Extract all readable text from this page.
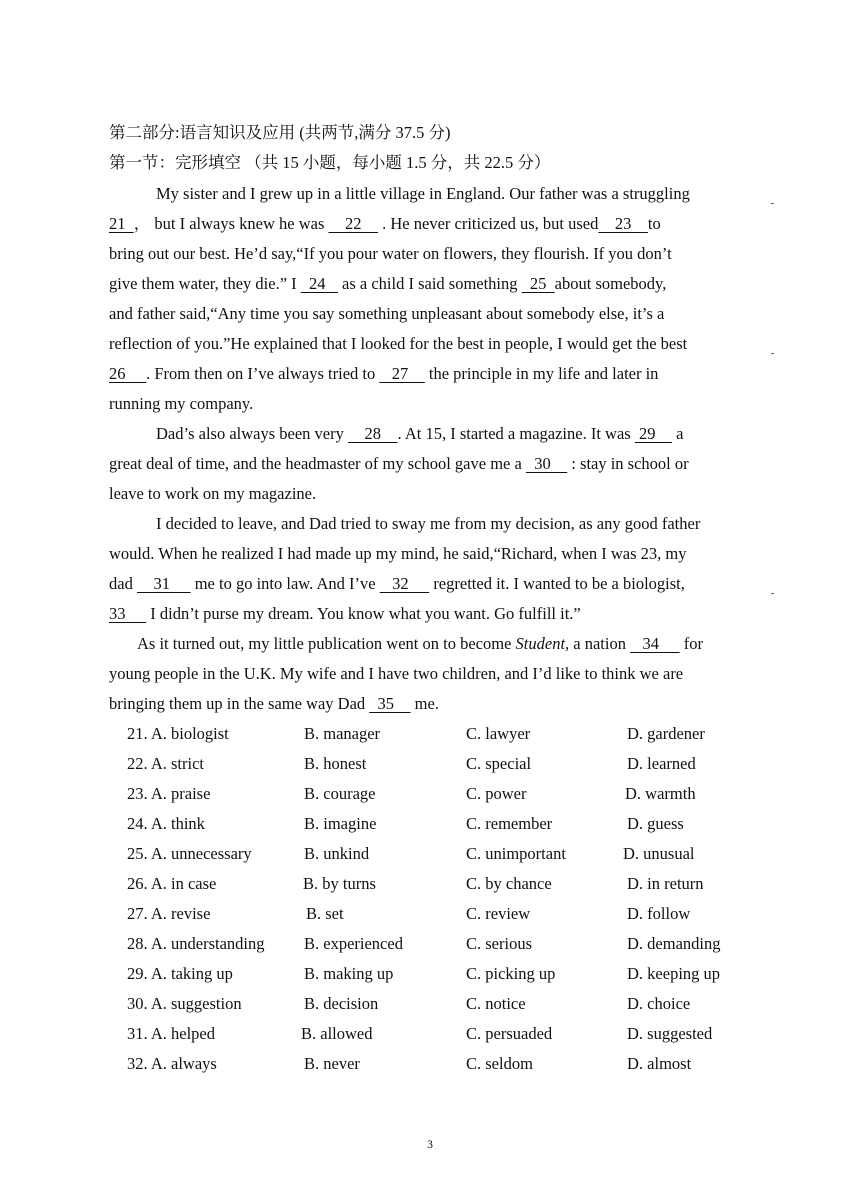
第二部分:语言知识及应用 (共两节,满分 37.5 分)
第一节：完形填空 （共 15 小题，每小题 1.5 分，共 22.5 分）
My sister and I grew up in a little village in England. Our father was a struggling
21  ， but I always knew he was     22     . He never criticized us, but used    23    to
bring out our best. He’d say,“If you pour water on flowers, they flourish. If you don’t
give them water, they die.” I   24    as a child I said something   25  about somebody,
and father said,“Any time you say something unpleasant about somebody else, it’s a
reflection of you.”He explained that I looked for the best in people, I would get the best
26     . From then on I’ve always tried to    27     the principle in my life and later in
running my company.
Dad’s also always been very     28    . At 15, I started a magazine. It was  29     a
great deal of time, and the headmaster of my school gave me a   30     : stay in school or
leave to work on my magazine.
I decided to leave, and Dad tried to sway me from my decision, as any good father
would. When he realized I had made up my mind, he said,“Richard, when I was 23, my
dad     31      me to go into law. And I’ve    32      regretted it. I wanted to be a biologist,
33      I didn’t purse my dream. You know what you want. Go fulfill it.”
As it turned out, my little publication went on to become Student, a nation    34      for
young people in the U.K. My wife and I have two children, and I’d like to think we are
bringing them up in the same way Dad   35     me.
21. A. biologist	B. manager	C. lawyer	D. gardener
22. A. strict	B. honest	C. special	D. learned
23. A. praise	B. courage	C. power	D. warmth
24. A. think	B. imagine	C. remember	D. guess
25. A. unnecessary	B. unkind	C. unimportant	D. unusual
26. A. in case	B. by turns	C. by chance	D. in return
27. A. revise	B. set	C. review	D. follow
28. A. understanding B. experienced	C. serious	D. demanding
29. A. taking up	B. making up	C. picking up	D. keeping up
30. A. suggestion	B. decision	C. notice	D. choice
31. A. helped	B. allowed	C. persuaded	D. suggested
32. A. always	B. never	C. seldom	D. almost
3
